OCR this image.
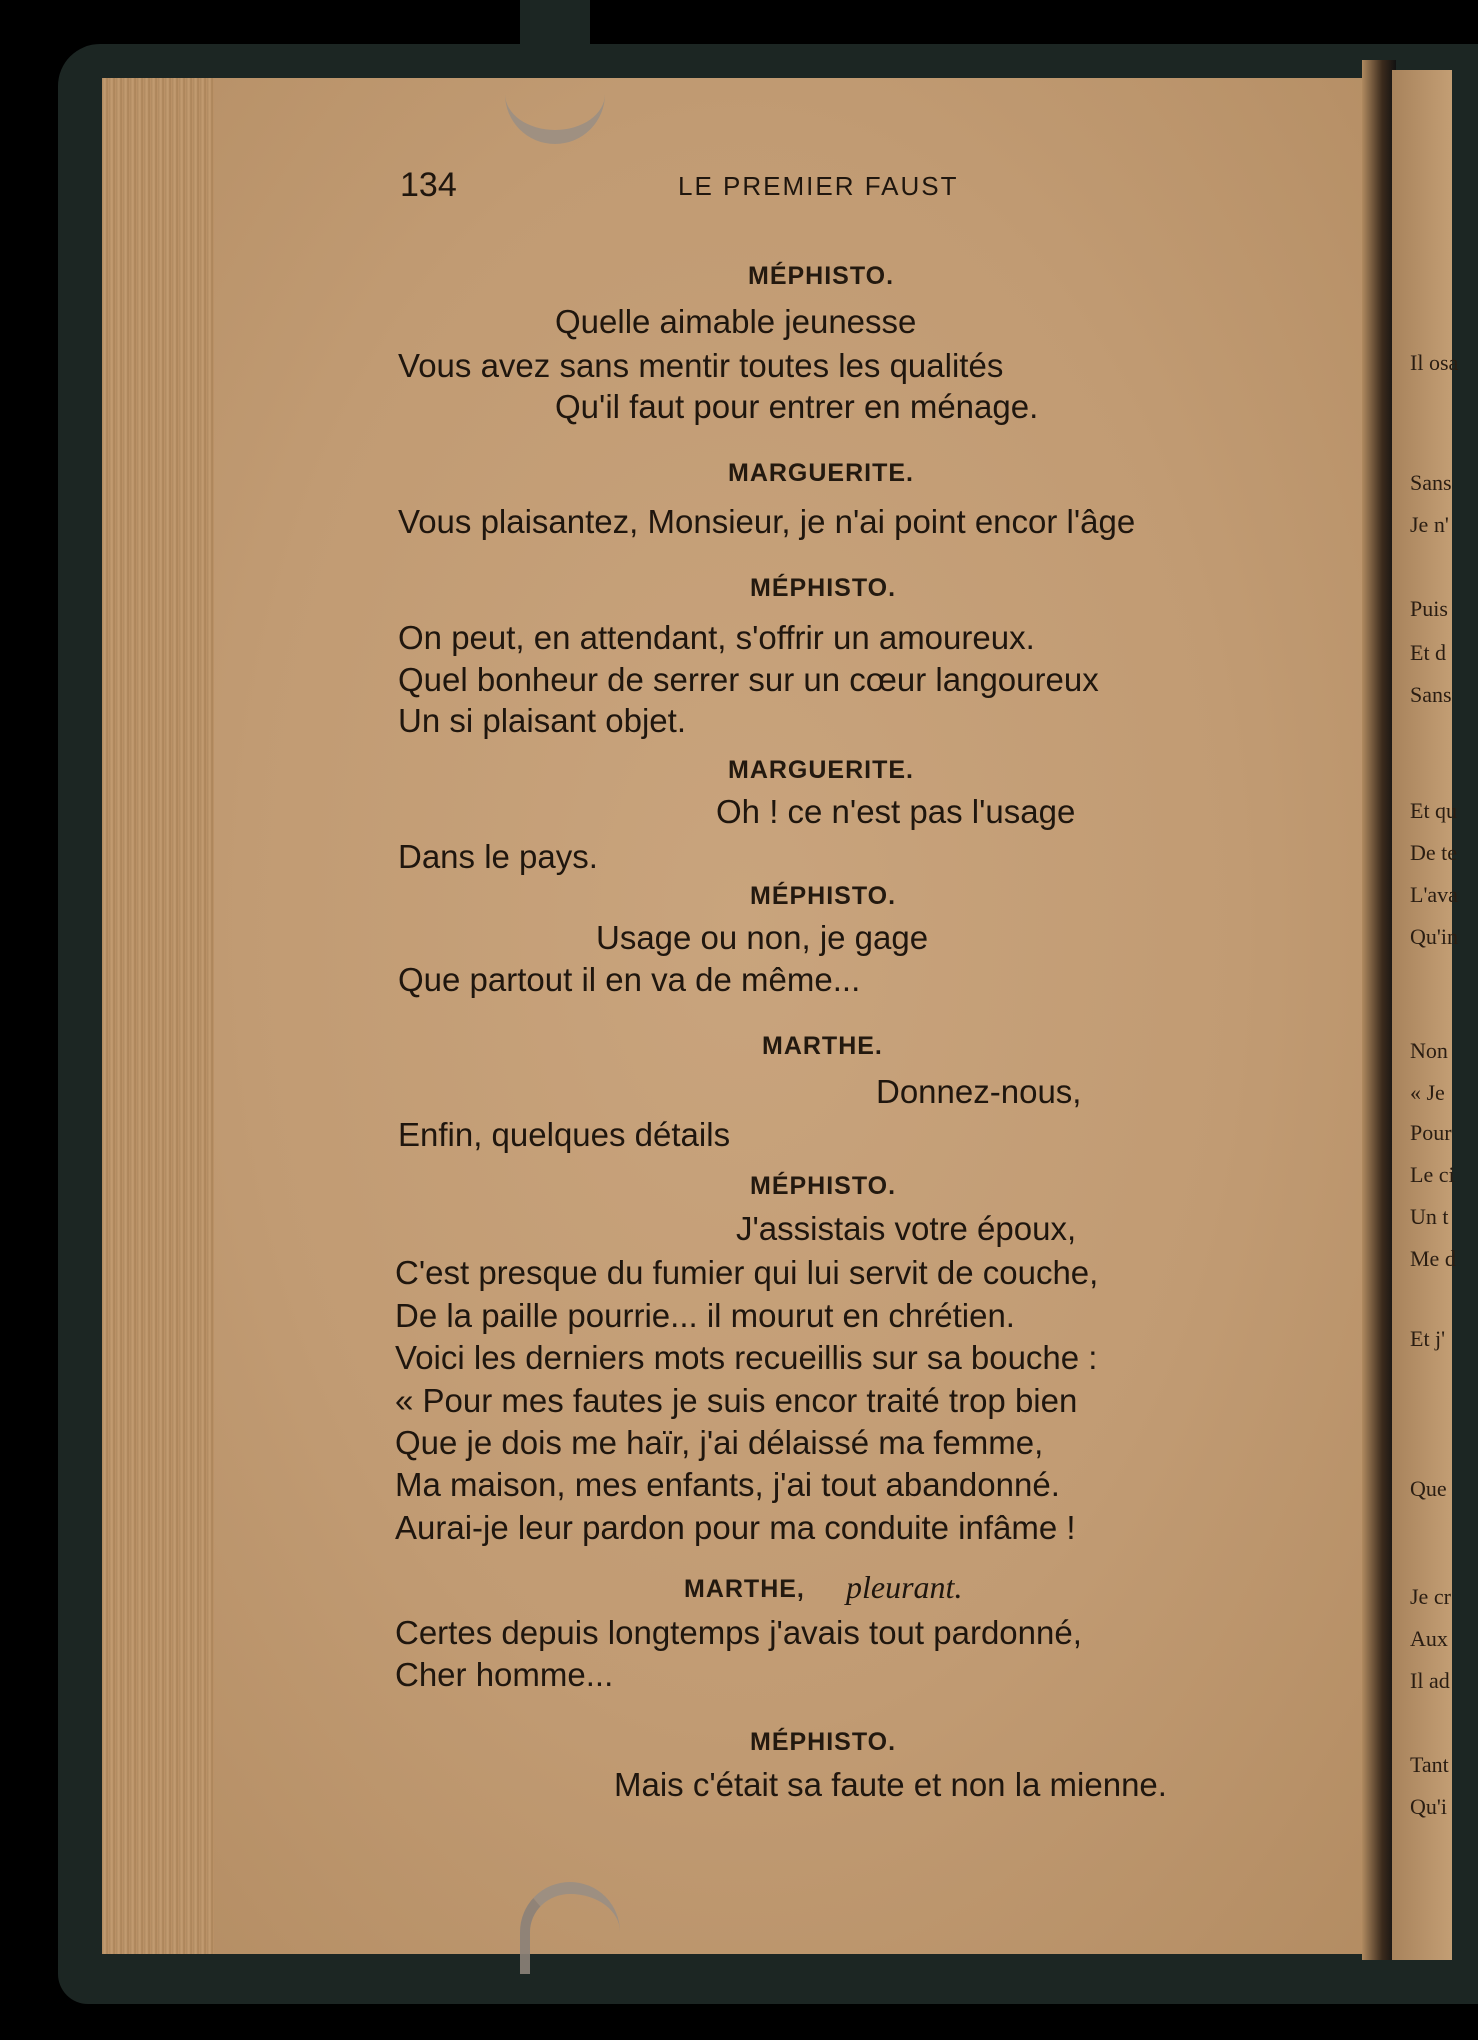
134	LE PREMIER FAUST
MÉPHISTO.
Quelle aimable jeunesse
Vous avez sans mentir toutes les qualités
Qu'il faut pour entrer en ménage.
MARGUERITE.
Vous plaisantez, Monsieur, je n'ai point encor l'âge
MÉPHISTO.
On peut, en attendant, s'offrir un amoureux.
Quel bonheur de serrer sur un cœur langoureux
Un si plaisant objet.
MARGUERITE.
Oh ! ce n'est pas l'usage
Dans le pays.
MÉPHISTO.
Usage ou non, je gage
Que partout il en va de même...
MARTHE.
Donnez-nous,
Enfin, quelques détails
MÉPHISTO.
J'assistais votre époux,
C'est presque du fumier qui lui servit de couche,
De la paille pourrie... il mourut en chrétien.
Voici les derniers mots recueillis sur sa bouche :
« Pour mes fautes je suis encor traité trop bien
Que je dois me haïr, j'ai délaissé ma femme,
Ma maison, mes enfants, j'ai tout abandonné.
Aurai-je leur pardon pour ma conduite infâme !
MARTHE, pleurant.
Certes depuis longtemps j'avais tout pardonné,
Cher homme...
MÉPHISTO.
Mais c'était sa faute et non la mienne.
Il osa
Sans
Je n'
Puis
Et d
Sans
Et qu
De te
L'ava
Qu'in
Non
« Je
Pour
Le ci
Un t
Me d
Et j'
Que
Je cr
Aux
Il ad
Tant
Qu'i
